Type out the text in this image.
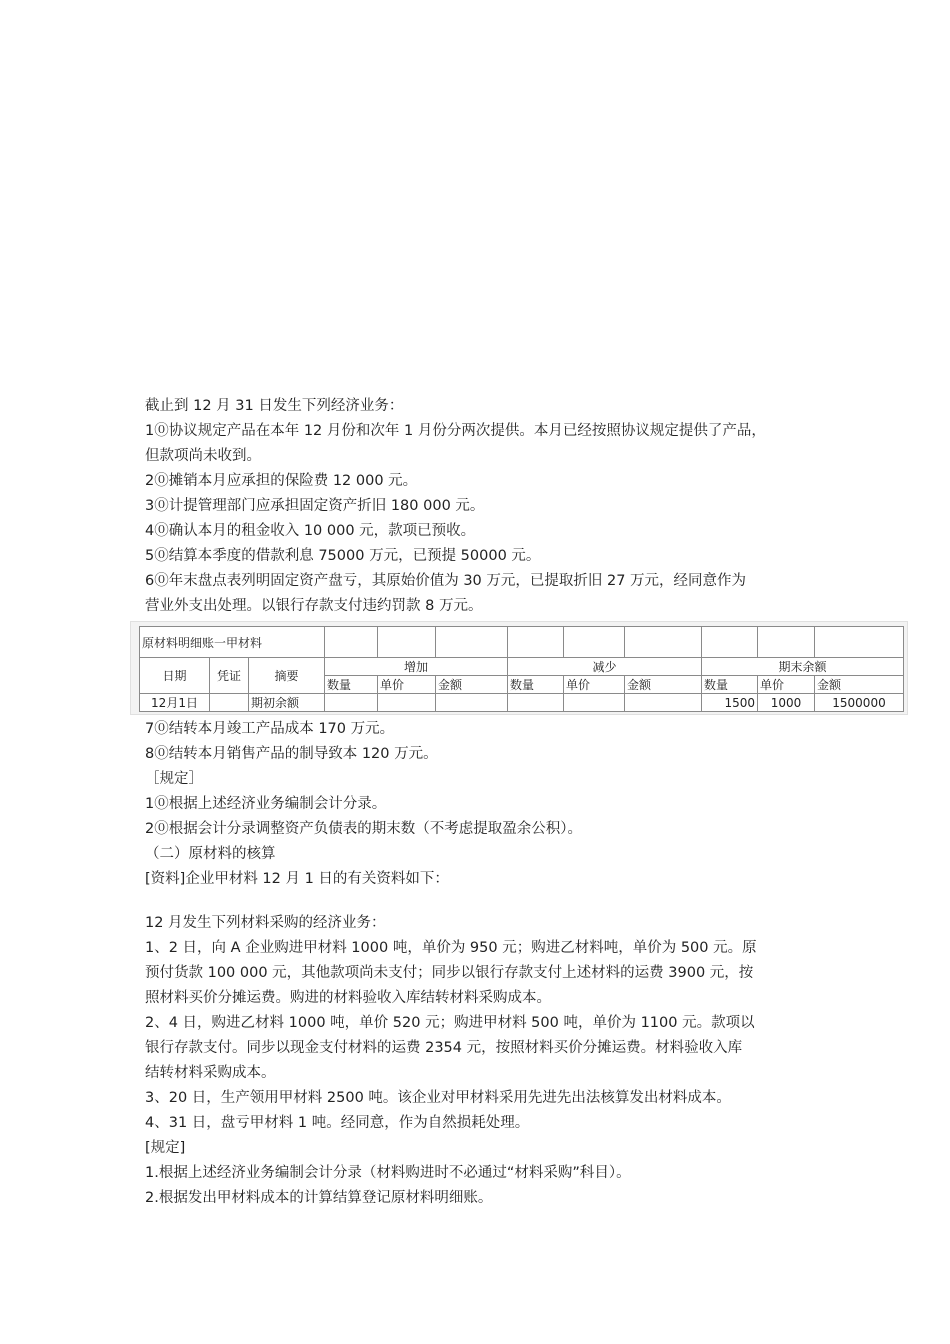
截止到 12 月 31 日发生下列经济业务：
1⓪协议规定产品在本年 12 月份和次年 1 月份分两次提供。本月已经按照协议规定提供了产品，
但款项尚未收到。
2⓪摊销本月应承担的保险费 12 000 元。
3⓪计提管理部门应承担固定资产折旧 180 000 元。
4⓪确认本月的租金收入 10 000 元，款项已预收。
5⓪结算本季度的借款利息 75000 万元，已预提 50000 元。
6⓪年末盘点表列明固定资产盘亏，其原始价值为 30 万元，已提取折旧 27 万元，经同意作为
营业外支出处理。以银行存款支付违约罚款 8 万元。
原材料明细账一甲材料											
日期	凭证	摘要	增加			减少			期末余额		
			数量	单价	金额	数量	单价	金额	数量	单价	金额
12月1日		期初余额							1500	1000	1500000
7⓪结转本月竣工产品成本 170 万元。
8⓪结转本月销售产品的制导致本 120 万元。
［规定］
1⓪根据上述经济业务编制会计分录。
2⓪根据会计分录调整资产负债表的期末数（不考虑提取盈余公积）。
（二）原材料的核算
[资料]企业甲材料 12 月 1 日的有关资料如下：
12 月发生下列材料采购的经济业务：
1、2 日，向 A 企业购进甲材料 1000 吨，单价为 950 元；购进乙材料吨，单价为 500 元。原
预付货款 100 000 元，其他款项尚未支付；同步以银行存款支付上述材料的运费 3900 元，按
照材料买价分摊运费。购进的材料验收入库结转材料采购成本。
2、4 日，购进乙材料 1000 吨，单价 520 元；购进甲材料 500 吨，单价为 1100 元。款项以
银行存款支付。同步以现金支付材料的运费 2354 元，按照材料买价分摊运费。材料验收入库
结转材料采购成本。
3、20 日，生产领用甲材料 2500 吨。该企业对甲材料采用先进先出法核算发出材料成本。
4、31 日，盘亏甲材料 1 吨。经同意，作为自然损耗处理。
[规定]
1.根据上述经济业务编制会计分录（材料购进时不必通过“材料采购”科目）。
2.根据发出甲材料成本的计算结算登记原材料明细账。
